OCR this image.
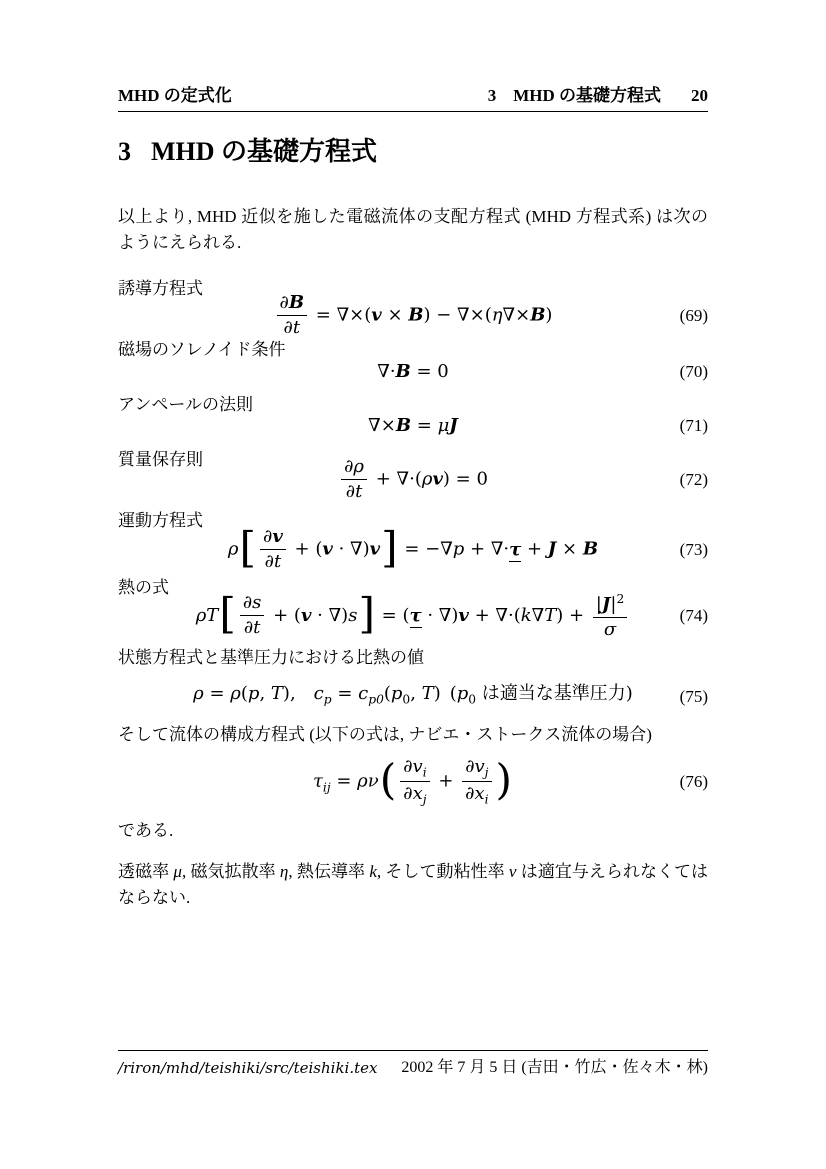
MHD の定式化	3　MHD の基礎方程式 20
3 MHD の基礎方程式
以上より, MHD 近似を施した電磁流体の支配方程式 (MHD 方程式系) は次のようにえられる.
誘導方程式
$\frac{\partial B}{\partial t} = \nabla\times(v \times B) - \nabla\times(\eta\nabla\times B)$	(69)
磁場のソレノイド条件
∇·B = 0	(70)
アンペールの法則
∇×B = μJ	(71)
質量保存則	$\frac{\partial\rho}{\partial t} + \nabla\cdot(\rho v) = 0$	(72)
運動方程式
$\rho[ \frac{\partial v}{\partial t} + (v \cdot \nabla)v] = -\nabla p + \nabla\cdot\tau + J \times B$	(73)
熱の式
$\rho T[ \frac{\partial s}{\partial t} + (v \cdot \nabla)s] = (\tau \cdot \nabla)v + \nabla\cdot(k\nabla T) + \frac{|J|^2}{\sigma}$	(74)
状態方程式と基準圧力における比熱の値
ρ = ρ(p, T),  $c_p = c_{p0}(p_0$, T) ($p_0$ は適当な基準圧力)	(75)
そして流体の構成方程式 (以下の式は, ナビエ・ストークス流体の場合)
$\tau_{ij} = \rho\nu( \frac{\partial v_i}{\partial x_j} + \frac{\partial v_j}{\partial x_i}$ )	(76)
である.
透磁率 μ, 磁気拡散率 η, 熱伝導率 k, そして動粘性率 ν は適宜与えられなくてはならない.
/riron/mhd/teishiki/src/teishiki.tex 2002 年 7 月 5 日 (吉田・竹広・佐々木・林)
